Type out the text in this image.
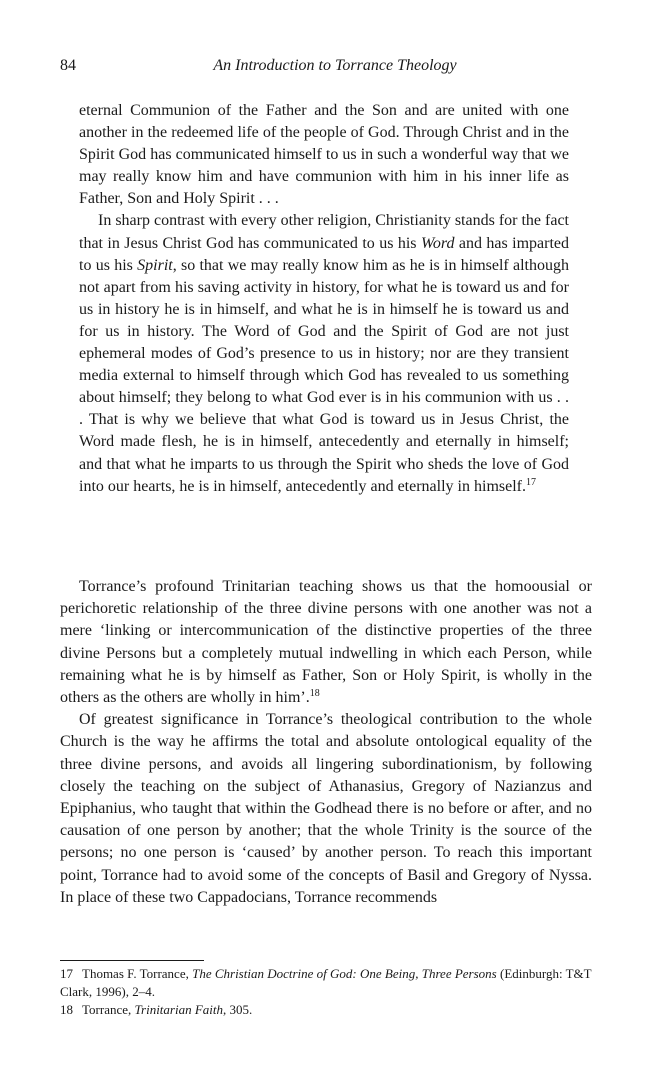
84	An Introduction to Torrance Theology

eternal Communion of the Father and the Son and are united with one another in the redeemed life of the people of God. Through Christ and in the Spirit God has communicated himself to us in such a wonderful way that we may really know him and have communion with him in his inner life as Father, Son and Holy Spirit . . .

In sharp contrast with every other religion, Christianity stands for the fact that in Jesus Christ God has communicated to us his Word and has imparted to us his Spirit, so that we may really know him as he is in himself although not apart from his saving activity in history, for what he is toward us and for us in history he is in himself, and what he is in himself he is toward us and for us in history. The Word of God and the Spirit of God are not just ephemeral modes of God’s presence to us in history; nor are they transient media external to himself through which God has revealed to us something about himself; they belong to what God ever is in his communion with us . . . That is why we believe that what God is toward us in Jesus Christ, the Word made flesh, he is in himself, antecedently and eternally in himself; and that what he imparts to us through the Spirit who sheds the love of God into our hearts, he is in himself, antecedently and eternally in himself.$^{17}$

Torrance’s profound Trinitarian teaching shows us that the homoousial or perichoretic relationship of the three divine persons with one another was not a mere ‘linking or intercommunication of the distinctive properties of the three divine Persons but a completely mutual indwelling in which each Person, while remaining what he is by himself as Father, Son or Holy Spirit, is wholly in the others as the others are wholly in him’.$^{18}$

Of greatest significance in Torrance’s theological contribution to the whole Church is the way he affirms the total and absolute ontological equality of the three divine persons, and avoids all lingering subordinationism, by following closely the teaching on the subject of Athanasius, Gregory of Nazianzus and Epiphanius, who taught that within the Godhead there is no before or after, and no causation of one person by another; that the whole Trinity is the source of the persons; no one person is ‘caused’ by another person. To reach this important point, Torrance had to avoid some of the concepts of Basil and Gregory of Nyssa. In place of these two Cappadocians, Torrance recommends

17 Thomas F. Torrance, The Christian Doctrine of God: One Being, Three Persons (Edinburgh: T&T Clark, 1996), 2–4.

18 Torrance, Trinitarian Faith, 305.
